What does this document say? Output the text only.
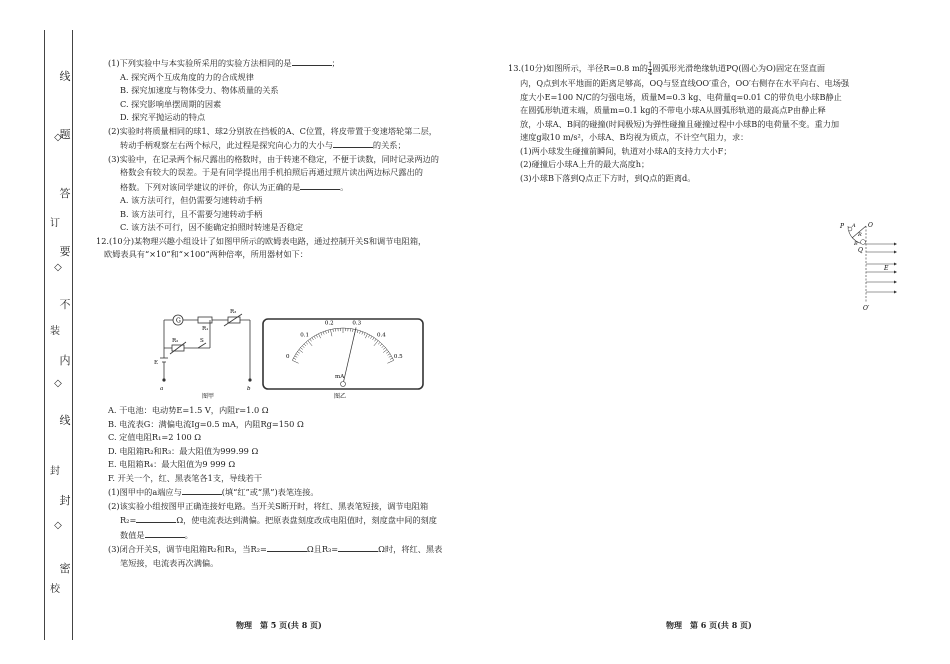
线
题
答
要
不
内
线
封
密
◇
订
◇
装
◇
封
◇
校

(1)下列实验中与本实验所采用的实验方法相同的是	；

A. 探究两个互成角度的力的合成规律

B. 探究加速度与物体受力、物体质量的关系

C. 探究影响单摆周期的因素

D. 探究平抛运动的特点

(2)实验时将质量相同的球1、球2分别放在挡板的A、C位置，将皮带置于变速塔轮第二层，

转动手柄观察左右两个标尺，此过程是探究向心力的大小与	的关系；

(3)实验中，在记录两个标尺露出的格数时，由于转速不稳定，不便于读数，同时记录两边的

格数会有较大的误差。于是有同学提出用手机拍照后再通过照片读出两边标尺露出的

格数。下列对该同学建议的评价，你认为正确的是	。

A. 该方法可行，但仍需要匀速转动手柄

B. 该方法可行，且不需要匀速转动手柄

C. 该方法不可行，因不能确定拍照时转速是否稳定

12.(10分)某物理兴趣小组设计了如图甲所示的欧姆表电路，通过控制开关S和调节电阻箱，

欧姆表具有“×10”和“×100”两种倍率，所用器材如下：

G
R₁
R₃
R₂	S
E
a	b
图甲
0
0.1
0.2	0.3
0.4
0.5
mA
图乙

A. 干电池：电动势E=1.5 V，内阻r=1.0 Ω

B. 电流表G：满偏电流Ig=0.5 mA，内阻Rg=150 Ω

C. 定值电阻R₁=2 100 Ω

D. 电阻箱R₂和R₃：最大阻值为999.99 Ω

E. 电阻箱R₄：最大阻值为9 999 Ω

F. 开关一个，红、黑表笔各1支，导线若干

(1)图甲中的a端应与	(填“红”或“黑”)表笔连接。

(2)该实验小组按图甲正确连接好电路。当开关S断开时，将红、黑表笔短接，调节电阻箱

R₂=	Ω，使电流表达到满偏。把原表盘刻度改成电阻值时，刻度盘中间的刻度

数值是	。

(3)闭合开关S，调节电阻箱R₂和R₃，当R₂=	Ω且R₃=	Ω时，将红、黑表

笔短接，电流表再次满偏。

物理　第 5 页(共 8 页)

13.(10分)如图所示，半径R=0.8 m的 $\frac{1}{4}$ 圆弧形光滑绝缘轨道PQ(圆心为O)固定在竖直面

内，Q点到水平地面的距离足够高，OQ与竖直线OO′重合，OO′右侧存在水平向右、电场强

度大小E=100 N/C的匀强电场，质量M=0.3 kg、电荷量q=0.01 C的带负电小球B静止

在圆弧形轨道末端，质量m=0.1 kg的不带电小球A从圆弧形轨道的最高点P由静止释

放，小球A、B间的碰撞(时间极短)为弹性碰撞且碰撞过程中小球B的电荷量不变。重力加

速度g取10 m/s²，小球A、B均视为质点，不计空气阻力，求：

(1)两小球发生碰撞前瞬间，轨道对小球A的支持力大小F；

(2)碰撞后小球A上升的最大高度h；

(3)小球B下落到Q点正下方时，到Q点的距离d。

P A O
R
B
Q
E
O′
物理　第 6 页(共 8 页)
